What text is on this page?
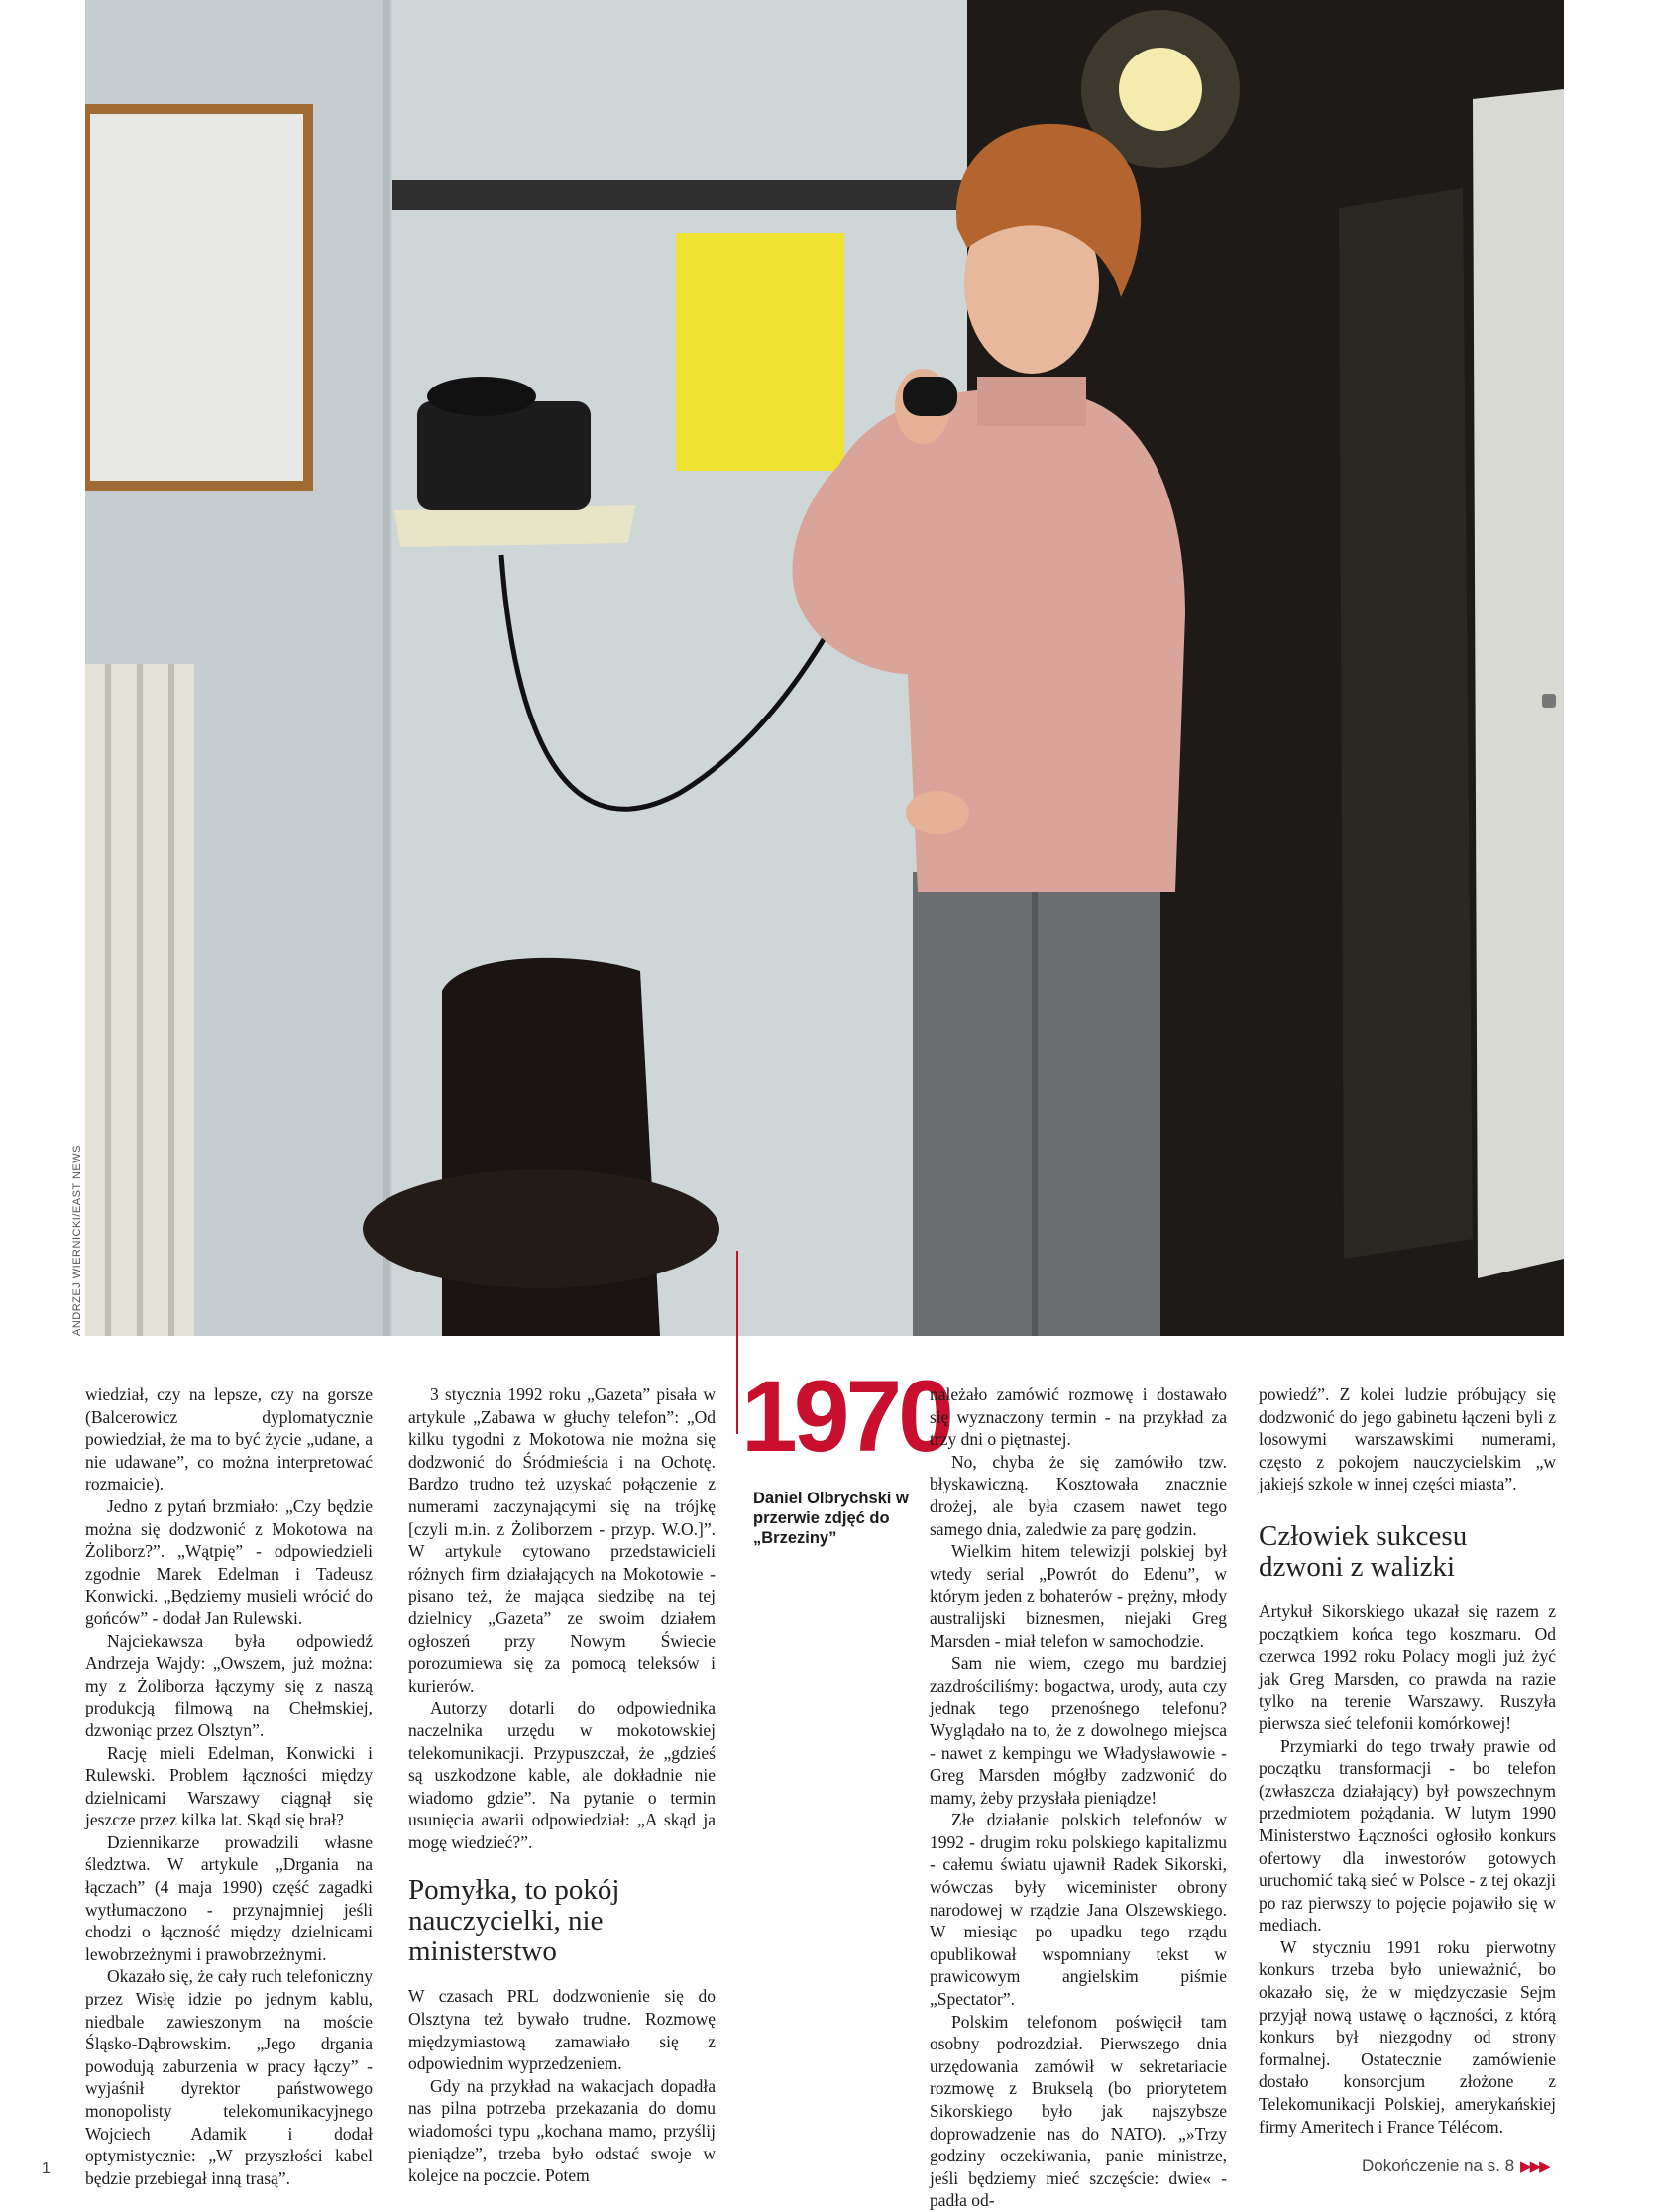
ANDRZEJ WIERNICKI/EAST NEWS
1970
Daniel Olbrychski w przerwie zdjęć do „Brzeziny”

wiedział, czy na lepsze, czy na gorsze (Balcerowicz dyplomatycznie powiedział, że ma to być życie „udane, a nie udawane”, co można interpretować rozmaicie).

Jedno z pytań brzmiało: „Czy będzie można się dodzwonić z Mokotowa na Żoliborz?”. „Wątpię” - odpowiedzieli zgodnie Marek Edelman i Tadeusz Konwicki. „Będziemy musieli wrócić do gońców” - dodał Jan Rulewski.

Najciekawsza była odpowiedź Andrzeja Wajdy: „Owszem, już można: my z Żoliborza łączymy się z naszą produkcją filmową na Chełmskiej, dzwoniąc przez Olsztyn”.

Rację mieli Edelman, Konwicki i Rulewski. Problem łączności między dzielnicami Warszawy ciągnął się jeszcze przez kilka lat. Skąd się brał?

Dziennikarze prowadzili własne śledztwa. W artykule „Drgania na łączach” (4 maja 1990) część zagadki wytłumaczono - przynajmniej jeśli chodzi o łączność między dzielnicami lewobrzeżnymi i prawobrzeżnymi.

Okazało się, że cały ruch telefoniczny przez Wisłę idzie po jednym kablu, niedbale zawieszonym na moście Śląsko-Dąbrowskim. „Jego drgania powodują zaburzenia w pracy łączy” - wyjaśnił dyrektor państwowego monopolisty telekomunikacyjnego Wojciech Adamik i dodał optymistycznie: „W przyszłości kabel będzie przebiegał inną trasą”.

3 stycznia 1992 roku „Gazeta” pisała w artykule „Zabawa w głuchy telefon”: „Od kilku tygodni z Mokotowa nie można się dodzwonić do Śródmieścia i na Ochotę. Bardzo trudno też uzyskać połączenie z numerami zaczynającymi się na trójkę [czyli m.in. z Żoliborzem - przyp. W.O.]”. W artykule cytowano przedstawicieli różnych firm działających na Mokotowie - pisano też, że mająca siedzibę na tej dzielnicy „Gazeta” ze swoim działem ogłoszeń przy Nowym Świecie porozumiewa się za pomocą teleksów i kurierów.

Autorzy dotarli do odpowiednika naczelnika urzędu w mokotowskiej telekomunikacji. Przypuszczał, że „gdzieś są uszkodzone kable, ale dokładnie nie wiadomo gdzie”. Na pytanie o termin usunięcia awarii odpowiedział: „A skąd ja mogę wiedzieć?”.

Pomyłka, to pokój nauczycielki, nie ministerstwo

W czasach PRL dodzwonienie się do Olsztyna też bywało trudne. Rozmowę międzymiastową zamawiało się z odpowiednim wyprzedzeniem.

Gdy na przykład na wakacjach dopadła nas pilna potrzeba przekazania do domu wiadomości typu „kochana mamo, przyślij pieniądze”, trzeba było odstać swoje w kolejce na poczcie. Potem

należało zamówić rozmowę i dostawało się wyznaczony termin - na przykład za trzy dni o piętnastej.

No, chyba że się zamówiło tzw. błyskawiczną. Kosztowała znacznie drożej, ale była czasem nawet tego samego dnia, zaledwie za parę godzin.

Wielkim hitem telewizji polskiej był wtedy serial „Powrót do Edenu”, w którym jeden z bohaterów - prężny, młody australijski biznesmen, niejaki Greg Marsden - miał telefon w samochodzie.

Sam nie wiem, czego mu bardziej zazdrościliśmy: bogactwa, urody, auta czy jednak tego przenośnego telefonu? Wyglądało na to, że z dowolnego miejsca - nawet z kempingu we Władysławowie - Greg Marsden mógłby zadzwonić do mamy, żeby przysłała pieniądze!

Złe działanie polskich telefonów w 1992 - drugim roku polskiego kapitalizmu - całemu światu ujawnił Radek Sikorski, wówczas były wiceminister obrony narodowej w rządzie Jana Olszewskiego. W miesiąc po upadku tego rządu opublikował wspomniany tekst w prawicowym angielskim piśmie „Spectator”.

Polskim telefonom poświęcił tam osobny podrozdział. Pierwszego dnia urzędowania zamówił w sekretariacie rozmowę z Brukselą (bo priorytetem Sikorskiego było jak najszybsze doprowadzenie nas do NATO). „»Trzy godziny oczekiwania, panie ministrze, jeśli będziemy mieć szczęście: dwie« - padła od-

powiedź”. Z kolei ludzie próbujący się dodzwonić do jego gabinetu łączeni byli z losowymi warszawskimi numerami, często z pokojem nauczycielskim „w jakiejś szkole w innej części miasta”.

Człowiek sukcesu dzwoni z walizki

Artykuł Sikorskiego ukazał się razem z początkiem końca tego koszmaru. Od czerwca 1992 roku Polacy mogli już żyć jak Greg Marsden, co prawda na razie tylko na terenie Warszawy. Ruszyła pierwsza sieć telefonii komórkowej!

Przymiarki do tego trwały prawie od początku transformacji - bo telefon (zwłaszcza działający) był powszechnym przedmiotem pożądania. W lutym 1990 Ministerstwo Łączności ogłosiło konkurs ofertowy dla inwestorów gotowych uruchomić taką sieć w Polsce - z tej okazji po raz pierwszy to pojęcie pojawiło się w mediach.

W styczniu 1991 roku pierwotny konkurs trzeba było unieważnić, bo okazało się, że w międzyczasie Sejm przyjął nową ustawę o łączności, z którą konkurs był niezgodny od strony formalnej. Ostatecznie zamówienie dostało konsorcjum złożone z Telekomunikacji Polskiej, amerykańskiej firmy Ameritech i France Télécom.

1	Dokończenie na s. 8 ▶▶▶
